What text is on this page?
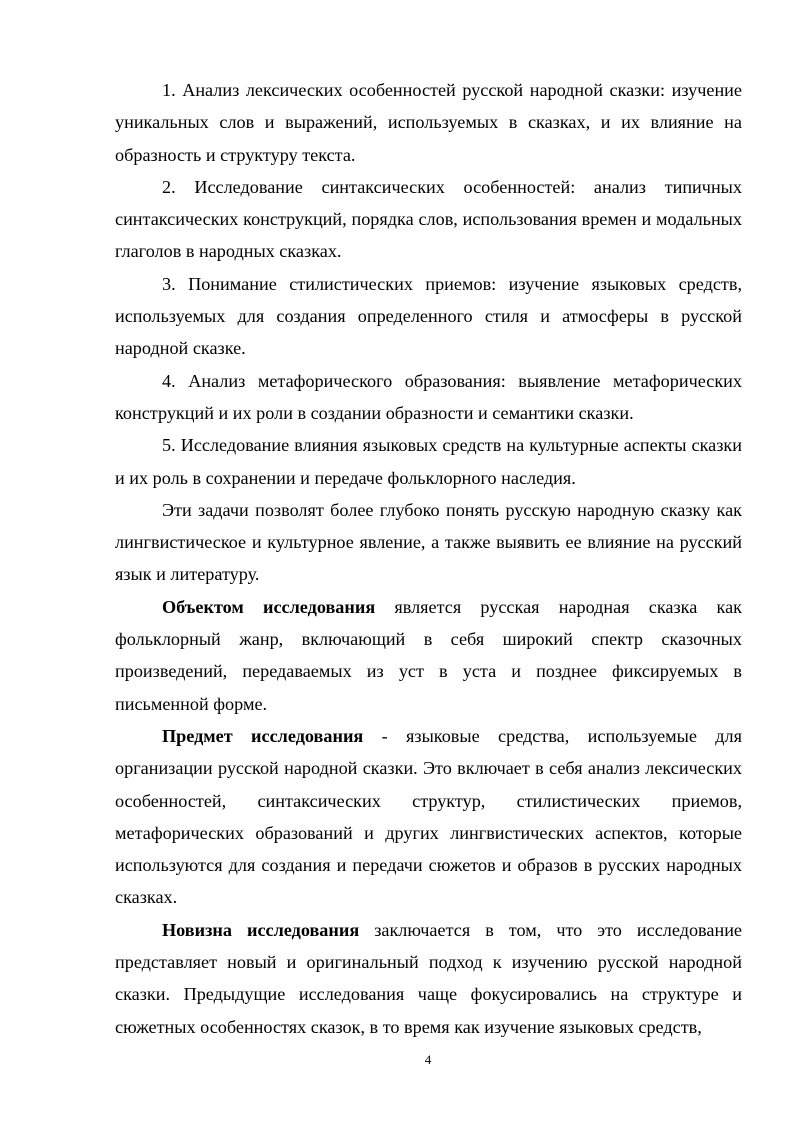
1. Анализ лексических особенностей русской народной сказки: изучение уникальных слов и выражений, используемых в сказках, и их влияние на образность и структуру текста.

2. Исследование синтаксических особенностей: анализ типичных синтаксических конструкций, порядка слов, использования времен и модальных глаголов в народных сказках.

3. Понимание стилистических приемов: изучение языковых средств, используемых для создания определенного стиля и атмосферы в русской народной сказке.

4. Анализ метафорического образования: выявление метафорических конструкций и их роли в создании образности и семантики сказки.

5. Исследование влияния языковых средств на культурные аспекты сказки и их роль в сохранении и передаче фольклорного наследия.

Эти задачи позволят более глубоко понять русскую народную сказку как лингвистическое и культурное явление, а также выявить ее влияние на русский язык и литературу.

Объектом исследования является русская народная сказка как фольклорный жанр, включающий в себя широкий спектр сказочных произведений, передаваемых из уст в уста и позднее фиксируемых в письменной форме.

Предмет исследования - языковые средства, используемые для организации русской народной сказки. Это включает в себя анализ лексических особенностей, синтаксических структур, стилистических приемов, метафорических образований и других лингвистических аспектов, которые используются для создания и передачи сюжетов и образов в русских народных сказках.

Новизна исследования заключается в том, что это исследование представляет новый и оригинальный подход к изучению русской народной сказки. Предыдущие исследования чаще фокусировались на структуре и сюжетных особенностях сказок, в то время как изучение языковых средств,

4
